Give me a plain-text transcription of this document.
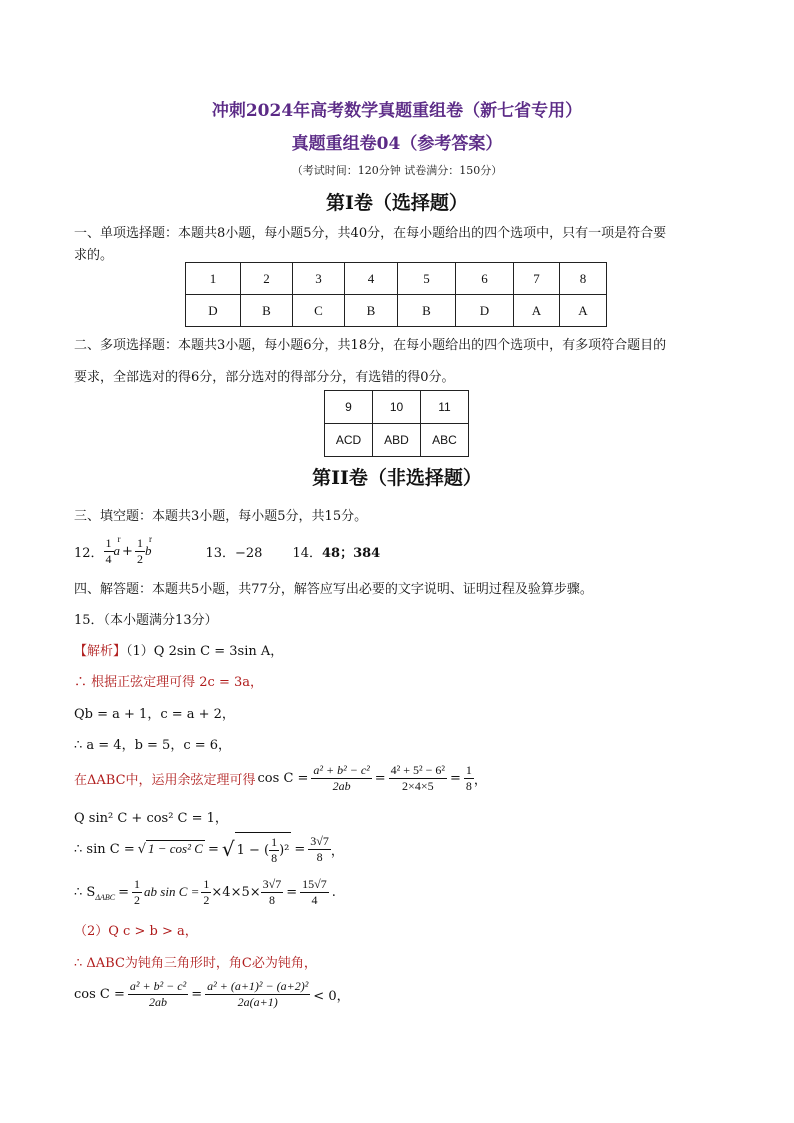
冲刺2024年高考数学真题重组卷（新七省专用）
真题重组卷04（参考答案）
（考试时间：120分钟 试卷满分：150分）
第I卷（选择题）
一、单项选择题：本题共8小题，每小题5分，共40分，在每小题给出的四个选项中，只有一项是符合要
求的。
1	2	3	4	5	6	7	8
D	B	C	B	B	D	A	A
二、多项选择题：本题共3小题，每小题6分，共18分，在每小题给出的四个选项中，有多项符合题目的
要求，全部选对的得6分，部分选对的得部分分，有选错的得0分。
9	10	11
ACD	ABD	ABC
第II卷（非选择题）
三、填空题：本题共3小题，每小题5分，共15分。
12． $\frac{1}{4}$ a
r
+ $\frac{1}{2}$ b
r
13．−28 14． 48；384
四、解答题：本题共5小题，共77分，解答应写出必要的文字说明、证明过程及验算步骤。
15．（本小题满分13分）
【解析】（1）Q 2sin C = 3sin A，
∴ 根据正弦定理可得 2c = 3a，
Qb = a + 1，c = a + 2，
∴ a = 4，b = 5，c = 6，
在ΔABC中，运用余弦定理可得 $\cos C = \frac{\text{a² + b² − c²}}{2ab} = \frac{\text{4² + 5² − 6²}}{2\times 4\times 5} = \frac{1}{8}$ ，
Q sin² C + cos² C = 1，
∴ sin C = √ 1 − cos² C = √ 1 − ( $\frac{1}{8} )^2 = \frac{3√7}{8}$ ，
∴ S $\Delta ABC = \frac{1}{2}$ ab $\sin C = \frac{1}{2} \times 4\times 5\times \frac{3√7}{8} = \frac{15√7}{4}$ .
（2）Q c > b > a，
∴ ΔABC为钝角三角形时，角C必为钝角，
$\cos C = \frac{\text{a² + b² − c²}}{2ab} = \frac{\text{a² + (a+1)² − (a+2)²}}{2a(a+1)} < 0$，
